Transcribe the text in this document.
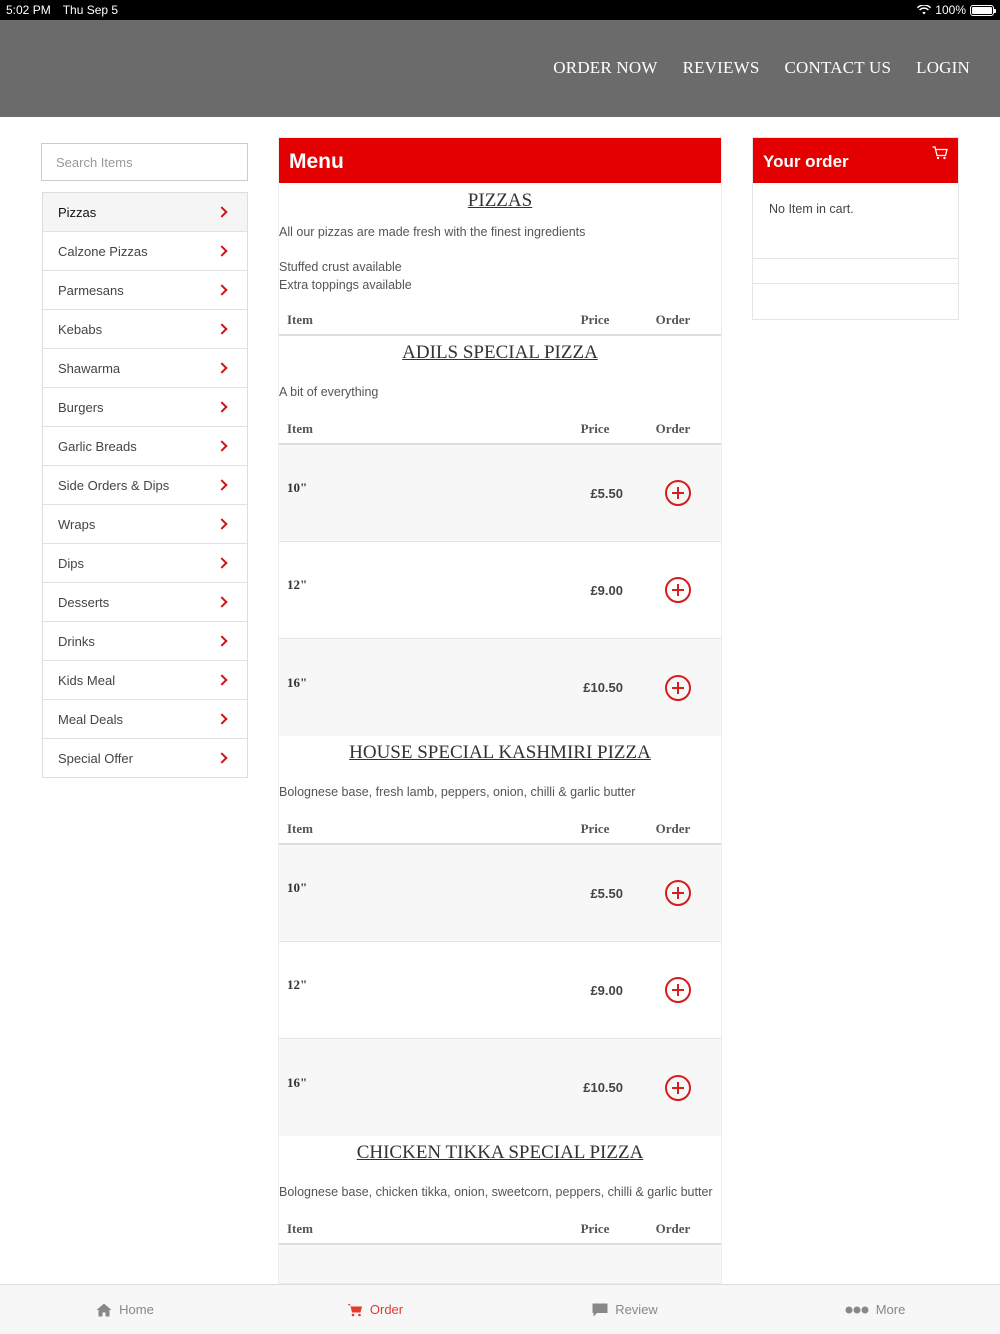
5:02 PM Thu Sep 5	100%
ORDER NOW REVIEWS CONTACT US LOGIN
Search Items
Pizzas
Calzone Pizzas
Parmesans
Kebabs
Shawarma
Burgers
Garlic Breads
Side Orders & Dips
Wraps
Dips
Desserts
Drinks
Kids Meal
Meal Deals
Special Offer
Menu
PIZZAS
All our pizzas are made fresh with the finest ingredients
Stuffed crust available
Extra toppings available
Item	Price	Order
ADILS SPECIAL PIZZA
A bit of everything
Item	Price	Order
10"	£5.50
12"	£9.00
16"	£10.50
HOUSE SPECIAL KASHMIRI PIZZA
Bolognese base, fresh lamb, peppers, onion, chilli & garlic butter
Item	Price	Order
10"	£5.50
12"	£9.00
16"	£10.50
CHICKEN TIKKA SPECIAL PIZZA
Bolognese base, chicken tikka, onion, sweetcorn, peppers, chilli & garlic butter
Item	Price	Order
Your order
No Item in cart.
Home	Order	Review	More
